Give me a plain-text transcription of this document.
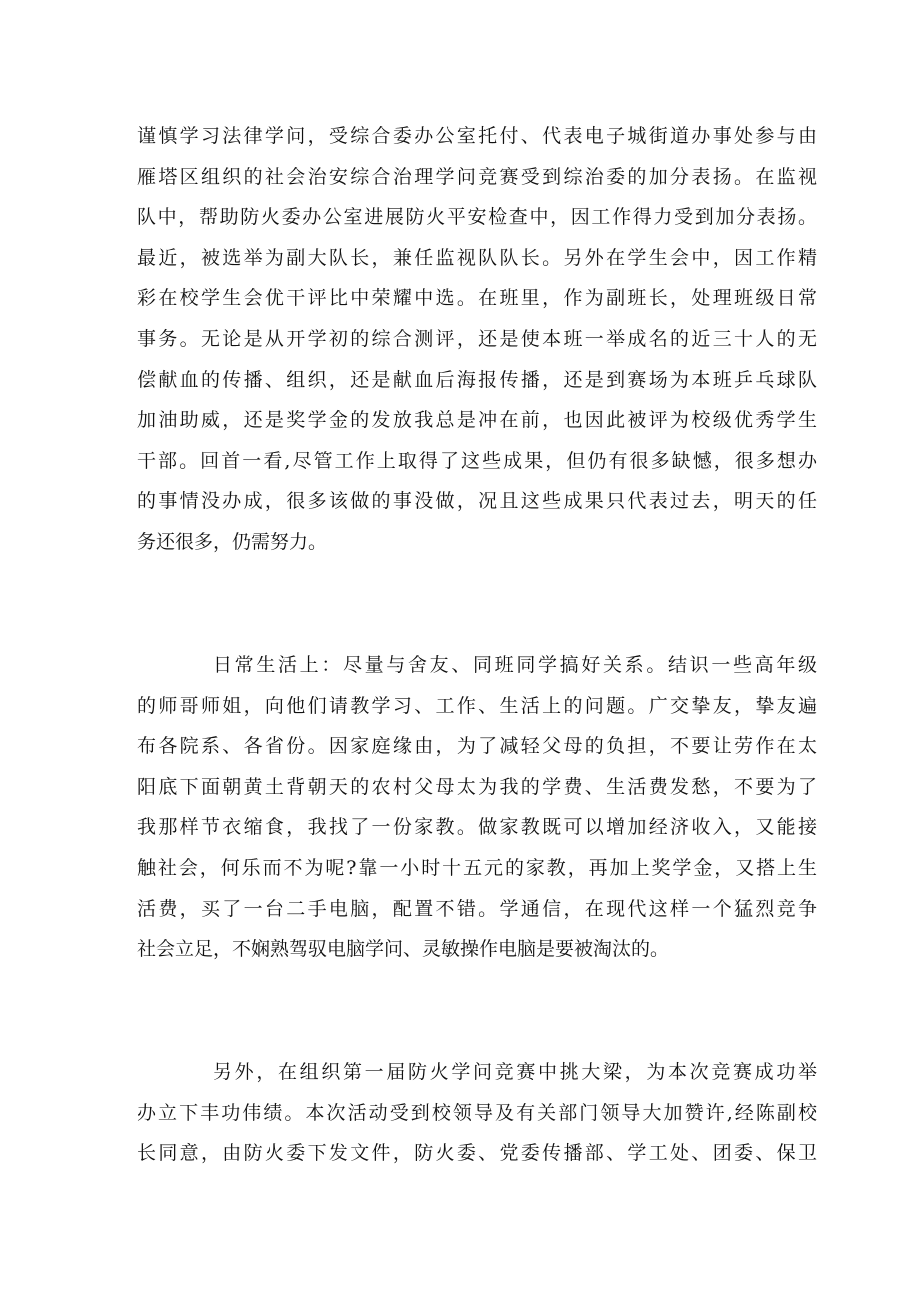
谨慎学习法律学问，受综合委办公室托付、代表电子城街道办事处参与由
雁塔区组织的社会治安综合治理学问竞赛受到综治委的加分表扬。在监视
队中，帮助防火委办公室进展防火平安检查中，因工作得力受到加分表扬。
最近，被选举为副大队长，兼任监视队队长。另外在学生会中，因工作精
彩在校学生会优干评比中荣耀中选。在班里，作为副班长，处理班级日常
事务。无论是从开学初的综合测评，还是使本班一举成名的近三十人的无
偿献血的传播、组织，还是献血后海报传播，还是到赛场为本班乒乓球队
加油助威，还是奖学金的发放我总是冲在前，也因此被评为校级优秀学生
干部。回首一看,尽管工作上取得了这些成果，但仍有很多缺憾，很多想办
的事情没办成，很多该做的事没做，况且这些成果只代表过去，明天的任
务还很多，仍需努力。
日常生活上：尽量与舍友、同班同学搞好关系。结识一些高年级
的师哥师姐，向他们请教学习、工作、生活上的问题。广交挚友，挚友遍
布各院系、各省份。因家庭缘由，为了减轻父母的负担，不要让劳作在太
阳底下面朝黄土背朝天的农村父母太为我的学费、生活费发愁，不要为了
我那样节衣缩食，我找了一份家教。做家教既可以增加经济收入，又能接
触社会，何乐而不为呢?靠一小时十五元的家教，再加上奖学金，又搭上生
活费，买了一台二手电脑，配置不错。学通信，在现代这样一个猛烈竞争
社会立足，不娴熟驾驭电脑学问、灵敏操作电脑是要被淘汰的。
另外，在组织第一届防火学问竞赛中挑大梁，为本次竞赛成功举
办立下丰功伟绩。本次活动受到校领导及有关部门领导大加赞许,经陈副校
长同意，由防火委下发文件，防火委、党委传播部、学工处、团委、保卫
